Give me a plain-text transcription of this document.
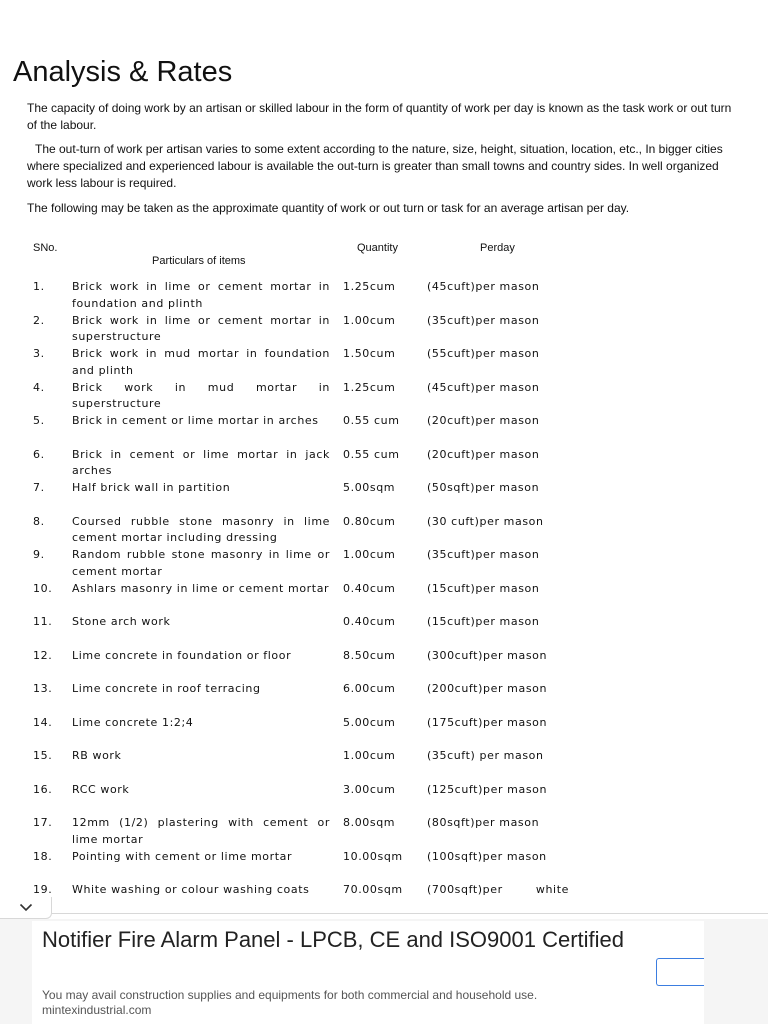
Analysis & Rates

The capacity of doing work by an artisan or skilled labour in the form of quantity of work per day is known as the task work or out turn of the labour.

The out-turn of work per artisan varies to some extent according to the nature, size, height, situation, location, etc., In bigger cities where specialized and experienced labour is available the out-turn is greater than small towns and country sides. In well organized work less labour is required.

The following may be taken as the approximate quantity of work or out turn or task for an average artisan per day.

SNo.
Particulars of items
Quantity	Perday
1. Brick work in lime or cement mortar in foundation and plinth
1.25cum	(45cuft)per mason
2. Brick work in lime or cement mortar in superstructure
1.00cum	(35cuft)per mason
3. Brick work in mud mortar in foundation and plinth
1.50cum	(55cuft)per mason
4. Brick work in mud mortar in superstructure
1.25cum	(45cuft)per mason
5. Brick in cement or lime mortar in arches	0.55 cum (20cuft)per mason
6. Brick in cement or lime mortar in jack arches
0.55 cum (20cuft)per mason
7. Half brick wall in partition	5.00sqm	(50sqft)per mason
8. Coursed rubble stone masonry in lime cement mortar including dressing
0.80cum	(30 cuft)per mason
9. Random rubble stone masonry in lime or cement mortar
1.00cum	(35cuft)per mason
10. Ashlars masonry in lime or cement mortar 0.40cum	(15cuft)per mason
11. Stone arch work	0.40cum	(15cuft)per mason
12. Lime concrete in foundation or floor	8.50cum	(300cuft)per mason
13. Lime concrete in roof terracing	6.00cum	(200cuft)per mason
14. Lime concrete 1:2;4	5.00cum	(175cuft)per mason
15. RB work	1.00cum	(35cuft) per mason
16. RCC work	3.00cum	(125cuft)per mason
17. 12mm (1/2) plastering with cement or lime mortar
8.00sqm	(80sqft)per mason
18. Pointing with cement or lime mortar	10.00sqm (100sqft)per mason
19. White washing or colour washing coats	70.00sqm (700sqft)per white
Notifier Fire Alarm Panel - LPCB, CE and ISO9001 Certified
You may avail construction supplies and equipments for both commercial and household use.
mintexindustrial.com
